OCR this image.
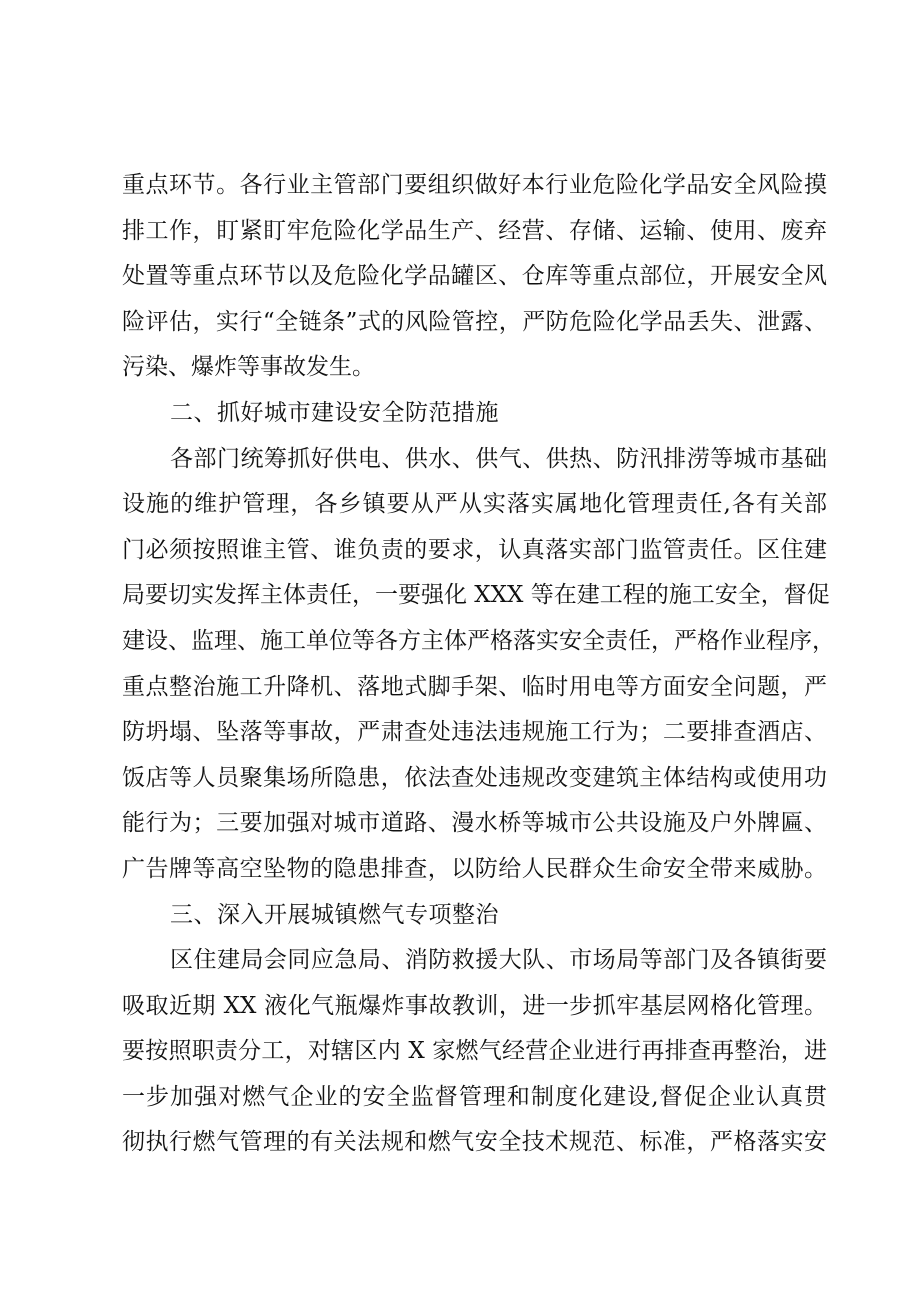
重点环节。各行业主管部门要组织做好本行业危险化学品安全风险摸
排工作，盯紧盯牢危险化学品生产、经营、存储、运输、使用、废弃
处置等重点环节以及危险化学品罐区、仓库等重点部位，开展安全风
险评估，实行“全链条”式的风险管控，严防危险化学品丢失、泄露、
污染、爆炸等事故发生。
二、抓好城市建设安全防范措施
各部门统筹抓好供电、供水、供气、供热、防汛排涝等城市基础
设施的维护管理，各乡镇要从严从实落实属地化管理责任,各有关部
门必须按照谁主管、谁负责的要求，认真落实部门监管责任。区住建
局要切实发挥主体责任，一要强化 XXX 等在建工程的施工安全，督促
建设、监理、施工单位等各方主体严格落实安全责任，严格作业程序，
重点整治施工升降机、落地式脚手架、临时用电等方面安全问题，严
防坍塌、坠落等事故，严肃查处违法违规施工行为；二要排查酒店、
饭店等人员聚集场所隐患，依法查处违规改变建筑主体结构或使用功
能行为；三要加强对城市道路、漫水桥等城市公共设施及户外牌匾、
广告牌等高空坠物的隐患排查，以防给人民群众生命安全带来威胁。
三、深入开展城镇燃气专项整治
区住建局会同应急局、消防救援大队、市场局等部门及各镇街要
吸取近期 XX 液化气瓶爆炸事故教训，进一步抓牢基层网格化管理。
要按照职责分工，对辖区内 X 家燃气经营企业进行再排查再整治，进
一步加强对燃气企业的安全监督管理和制度化建设,督促企业认真贯
彻执行燃气管理的有关法规和燃气安全技术规范、标准，严格落实安
